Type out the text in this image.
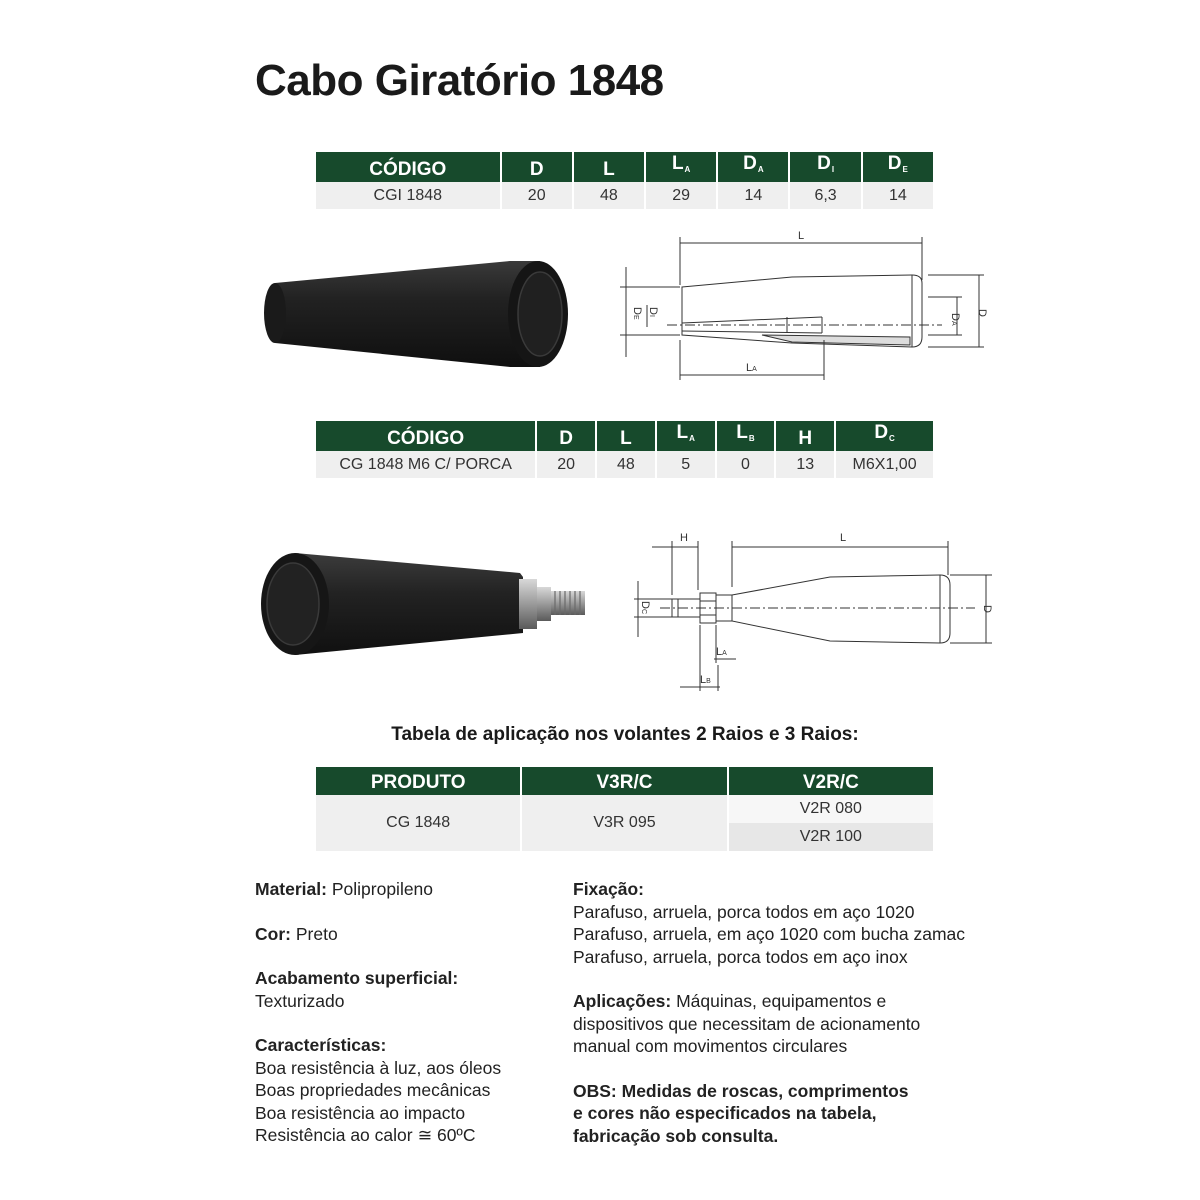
Cabo Giratório 1848
CÓDIGO	D	L	$L_A$	$D_A$	$D_I$	$D_E$
CGI 1848	20	48	29	14	6,3	14
L
LA
DA
D
DE
DI
CÓDIGO	D	L	$L_A$	$L_B$	H	$D_C$
CG 1848 M6 C/ PORCA	20	48	5	0	13	M6X1,00
H	L
D
DC
LA
LB
Tabela de aplicação nos volantes 2 Raios e 3 Raios:
PRODUTO	V3R/C	V2R/C
CG 1848	V3R 095	V2R 080
		V2R 100
Material: Polipropileno
Cor: Preto
Acabamento superficial:
Texturizado
Características:
Boa resistência à luz, aos óleos
Boas propriedades mecânicas
Boa resistência ao impacto
Resistência ao calor ≅ 60ºC
Fixação:
Parafuso, arruela, porca todos em aço 1020
Parafuso, arruela, em aço 1020 com bucha zamac
Parafuso, arruela, porca todos em aço inox
Aplicações: Máquinas, equipamentos e
dispositivos que necessitam de acionamento
manual com movimentos circulares
OBS: Medidas de roscas, comprimentos
e cores não especificados na tabela,
fabricação sob consulta.
